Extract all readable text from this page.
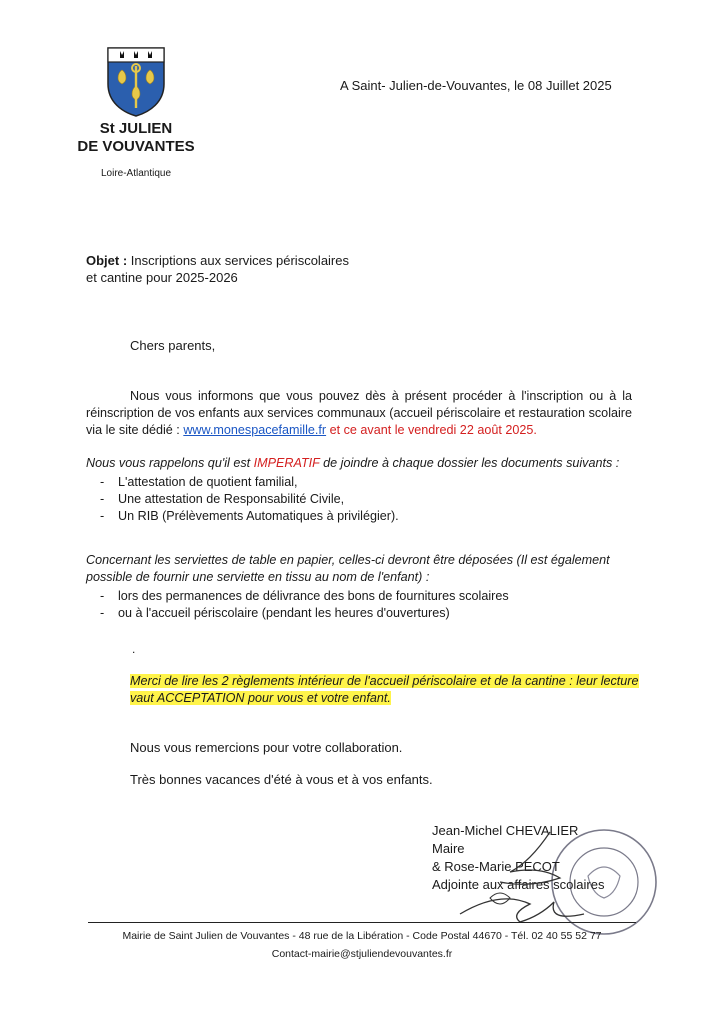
St JULIEN
DE VOUVANTES
Loire-Atlantique
A Saint- Julien-de-Vouvantes, le 08 Juillet 2025
Objet : Inscriptions aux services périscolaires
et cantine pour 2025-2026
Chers parents,
Nous vous informons que vous pouvez dès à présent procéder à l'inscription ou à la réinscription de vos enfants aux services communaux (accueil périscolaire et restauration scolaire via le site dédié : www.monespacefamille.fr et ce avant le vendredi 22 août 2025.
Nous vous rappelons qu'il est IMPERATIF de joindre à chaque dossier les documents suivants :
- L'attestation de quotient familial,
- Une attestation de Responsabilité Civile,
- Un RIB (Prélèvements Automatiques à privilégier).
Concernant les serviettes de table en papier, celles-ci devront être déposées (Il est également possible de fournir une serviette en tissu au nom de l'enfant) :
- lors des permanences de délivrance des bons de fournitures scolaires
- ou à l'accueil périscolaire (pendant les heures d'ouvertures)
.
Merci de lire les 2 règlements intérieur de l'accueil périscolaire et de la cantine : leur lecture vaut ACCEPTATION pour vous et votre enfant.
Nous vous remercions pour votre collaboration.
Très bonnes vacances d'été à vous et à vos enfants.
Jean-Michel CHEVALIER
Maire
& Rose-Marie PECOT
Adjointe aux affaires scolaires
Mairie de Saint Julien de Vouvantes - 48 rue de la Libération - Code Postal 44670 - Tél. 02 40 55 52 77
Contact-mairie@stjuliendevouvantes.fr
